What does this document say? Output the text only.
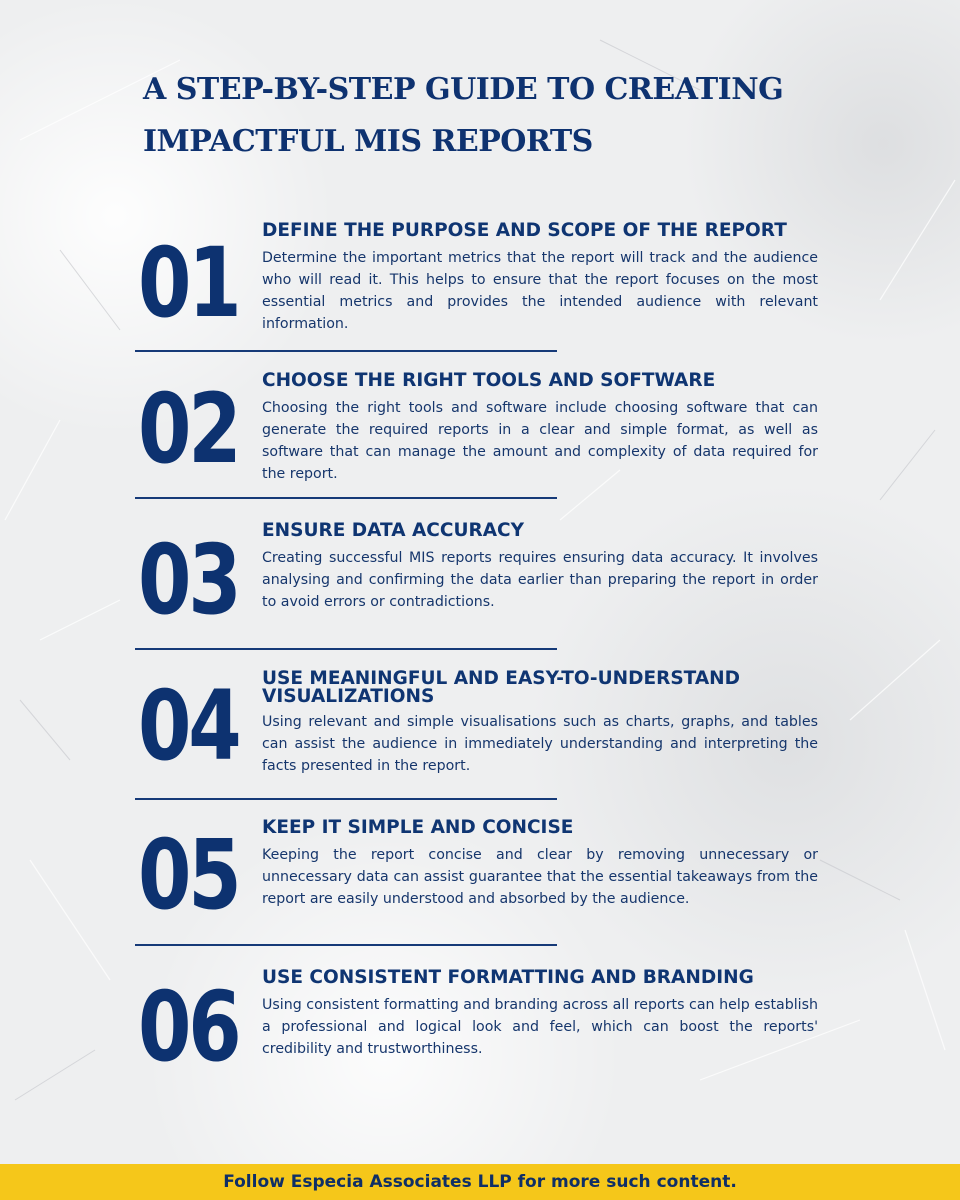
A STEP-BY-STEP GUIDE TO CREATING IMPACTFUL MIS REPORTS
01 DEFINE THE PURPOSE AND SCOPE OF THE REPORT

Determine the important metrics that the report will track and the audience who will read it. This helps to ensure that the report focuses on the most essential metrics and provides the intended audience with relevant information.

02 CHOOSE THE RIGHT TOOLS AND SOFTWARE

Choosing the right tools and software include choosing software that can generate the required reports in a clear and simple format, as well as software that can manage the amount and complexity of data required for the report.

03 ENSURE DATA ACCURACY

Creating successful MIS reports requires ensuring data accuracy. It involves analysing and confirming the data earlier than preparing the report in order to avoid errors or contradictions.

04 USE MEANINGFUL AND EASY-TO-UNDERSTAND VISUALIZATIONS

Using relevant and simple visualisations such as charts, graphs, and tables can assist the audience in immediately understanding and interpreting the facts presented in the report.

05 KEEP IT SIMPLE AND CONCISE

Keeping the report concise and clear by removing unnecessary or unnecessary data can assist guarantee that the essential takeaways from the report are easily understood and absorbed by the audience.

06 USE CONSISTENT FORMATTING AND BRANDING

Using consistent formatting and branding across all reports can help establish a professional and logical look and feel, which can boost the reports' credibility and trustworthiness.

Follow Especia Associates LLP for more such content.
